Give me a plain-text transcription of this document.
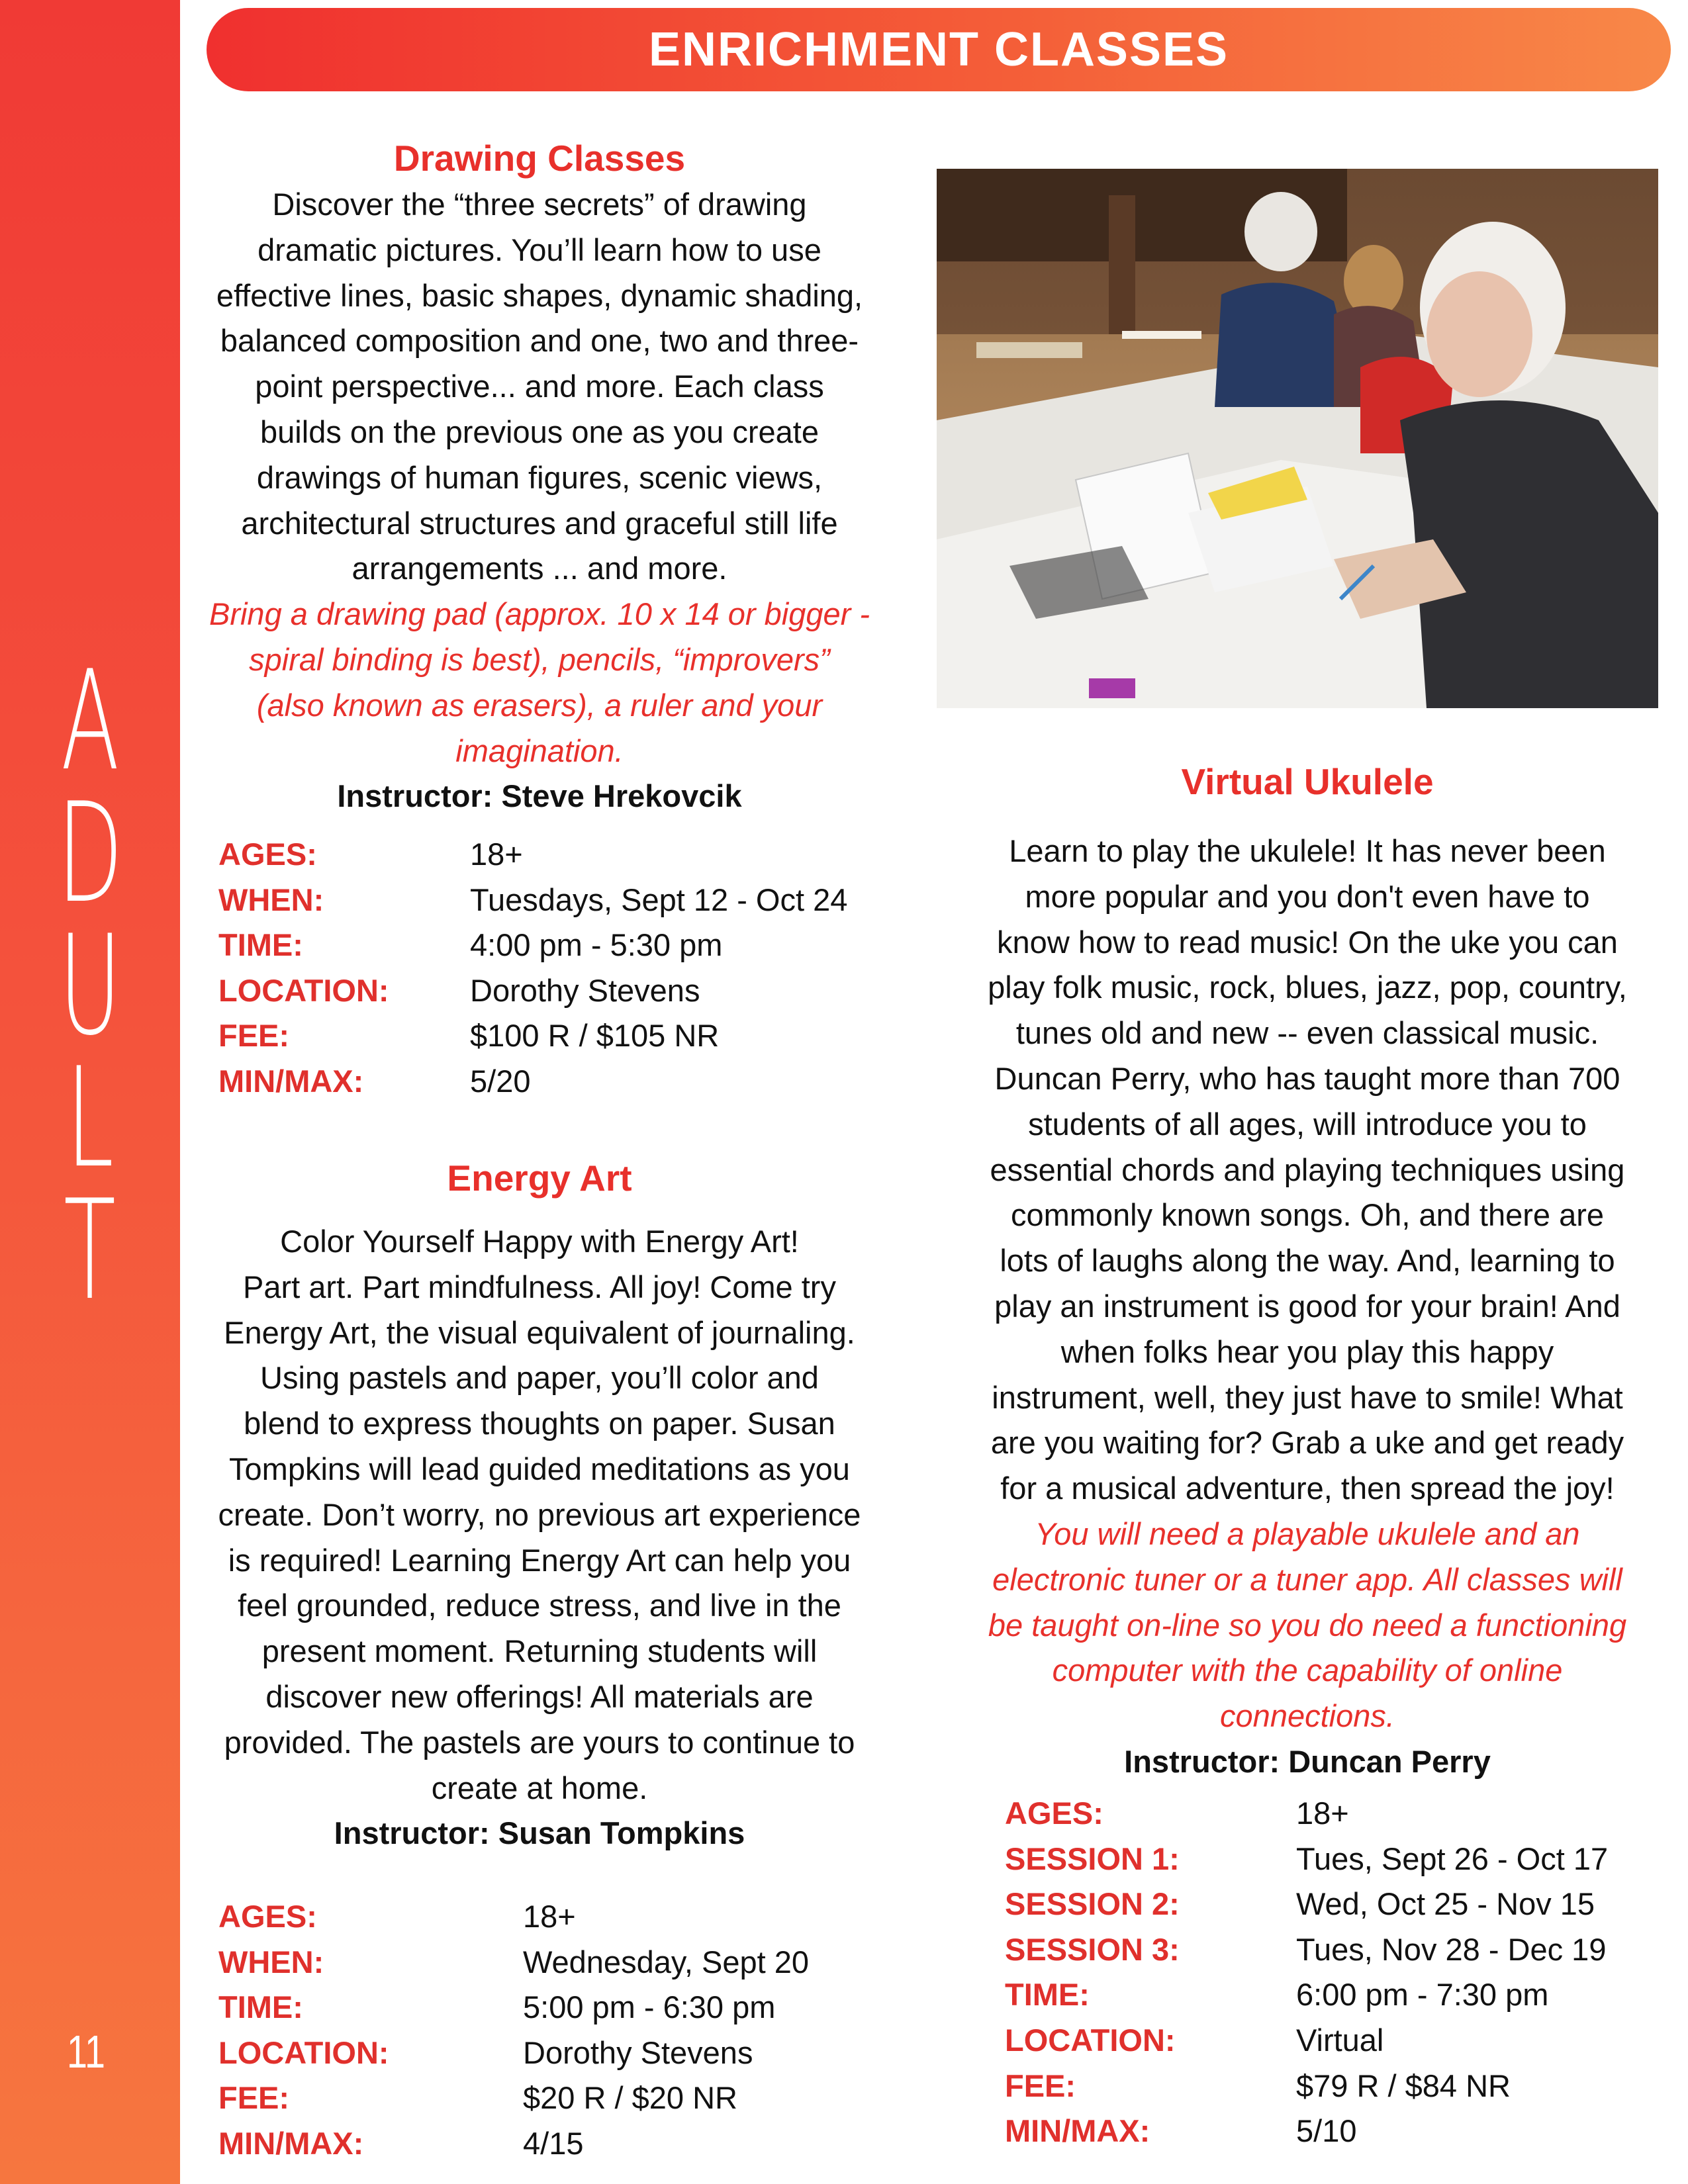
A
D
U
L
T
11
ENRICHMENT CLASSES
Drawing Classes
Discover the “three secrets” of drawing
dramatic pictures. You’ll learn how to use
effective lines, basic shapes, dynamic shading,
balanced composition and one, two and three-
point perspective... and more. Each class
builds on the previous one as you create
drawings of human figures, scenic views,
architectural structures and graceful still life
arrangements ... and more.
Bring a drawing pad (approx. 10 x 14 or bigger -
spiral binding is best), pencils, “improvers”
(also known as erasers), a ruler and your
imagination.

Instructor: Steve Hrekovcik

AGES:	18+
WHEN:	Tuesdays, Sept 12 - Oct 24
TIME:	4:00 pm - 5:30 pm
LOCATION:	Dorothy Stevens
FEE:	$100 R / $105 NR
MIN/MAX:	5/20
Energy Art
Color Yourself Happy with Energy Art!
Part art. Part mindfulness. All joy! Come try
Energy Art, the visual equivalent of journaling.
Using pastels and paper, you’ll color and
blend to express thoughts on paper. Susan
Tompkins will lead guided meditations as you
create. Don’t worry, no previous art experience
is required! Learning Energy Art can help you
feel grounded, reduce stress, and live in the
present moment. Returning students will
discover new offerings! All materials are
provided. The pastels are yours to continue to
create at home.

Instructor: Susan Tompkins

AGES:	18+
WHEN:	Wednesday, Sept 20
TIME:	5:00 pm - 6:30 pm
LOCATION:	Dorothy Stevens
FEE:	$20 R / $20 NR
MIN/MAX:	4/15
Virtual Ukulele
Learn to play the ukulele! It has never been
more popular and you don't even have to
know how to read music! On the uke you can
play folk music, rock, blues, jazz, pop, country,
tunes old and new -- even classical music.
Duncan Perry, who has taught more than 700
students of all ages, will introduce you to
essential chords and playing techniques using
commonly known songs. Oh, and there are
lots of laughs along the way. And, learning to
play an instrument is good for your brain! And
when folks hear you play this happy
instrument, well, they just have to smile! What
are you waiting for? Grab a uke and get ready
for a musical adventure, then spread the joy!
You will need a playable ukulele and an
electronic tuner or a tuner app. All classes will
be taught on-line so you do need a functioning
computer with the capability of online
connections.

Instructor: Duncan Perry

AGES:	18+
SESSION 1:	Tues, Sept 26 - Oct 17
SESSION 2:	Wed, Oct 25 - Nov 15
SESSION 3:	Tues, Nov 28 - Dec 19
TIME:	6:00 pm - 7:30 pm
LOCATION:	Virtual
FEE:	$79 R / $84 NR
MIN/MAX:	5/10
